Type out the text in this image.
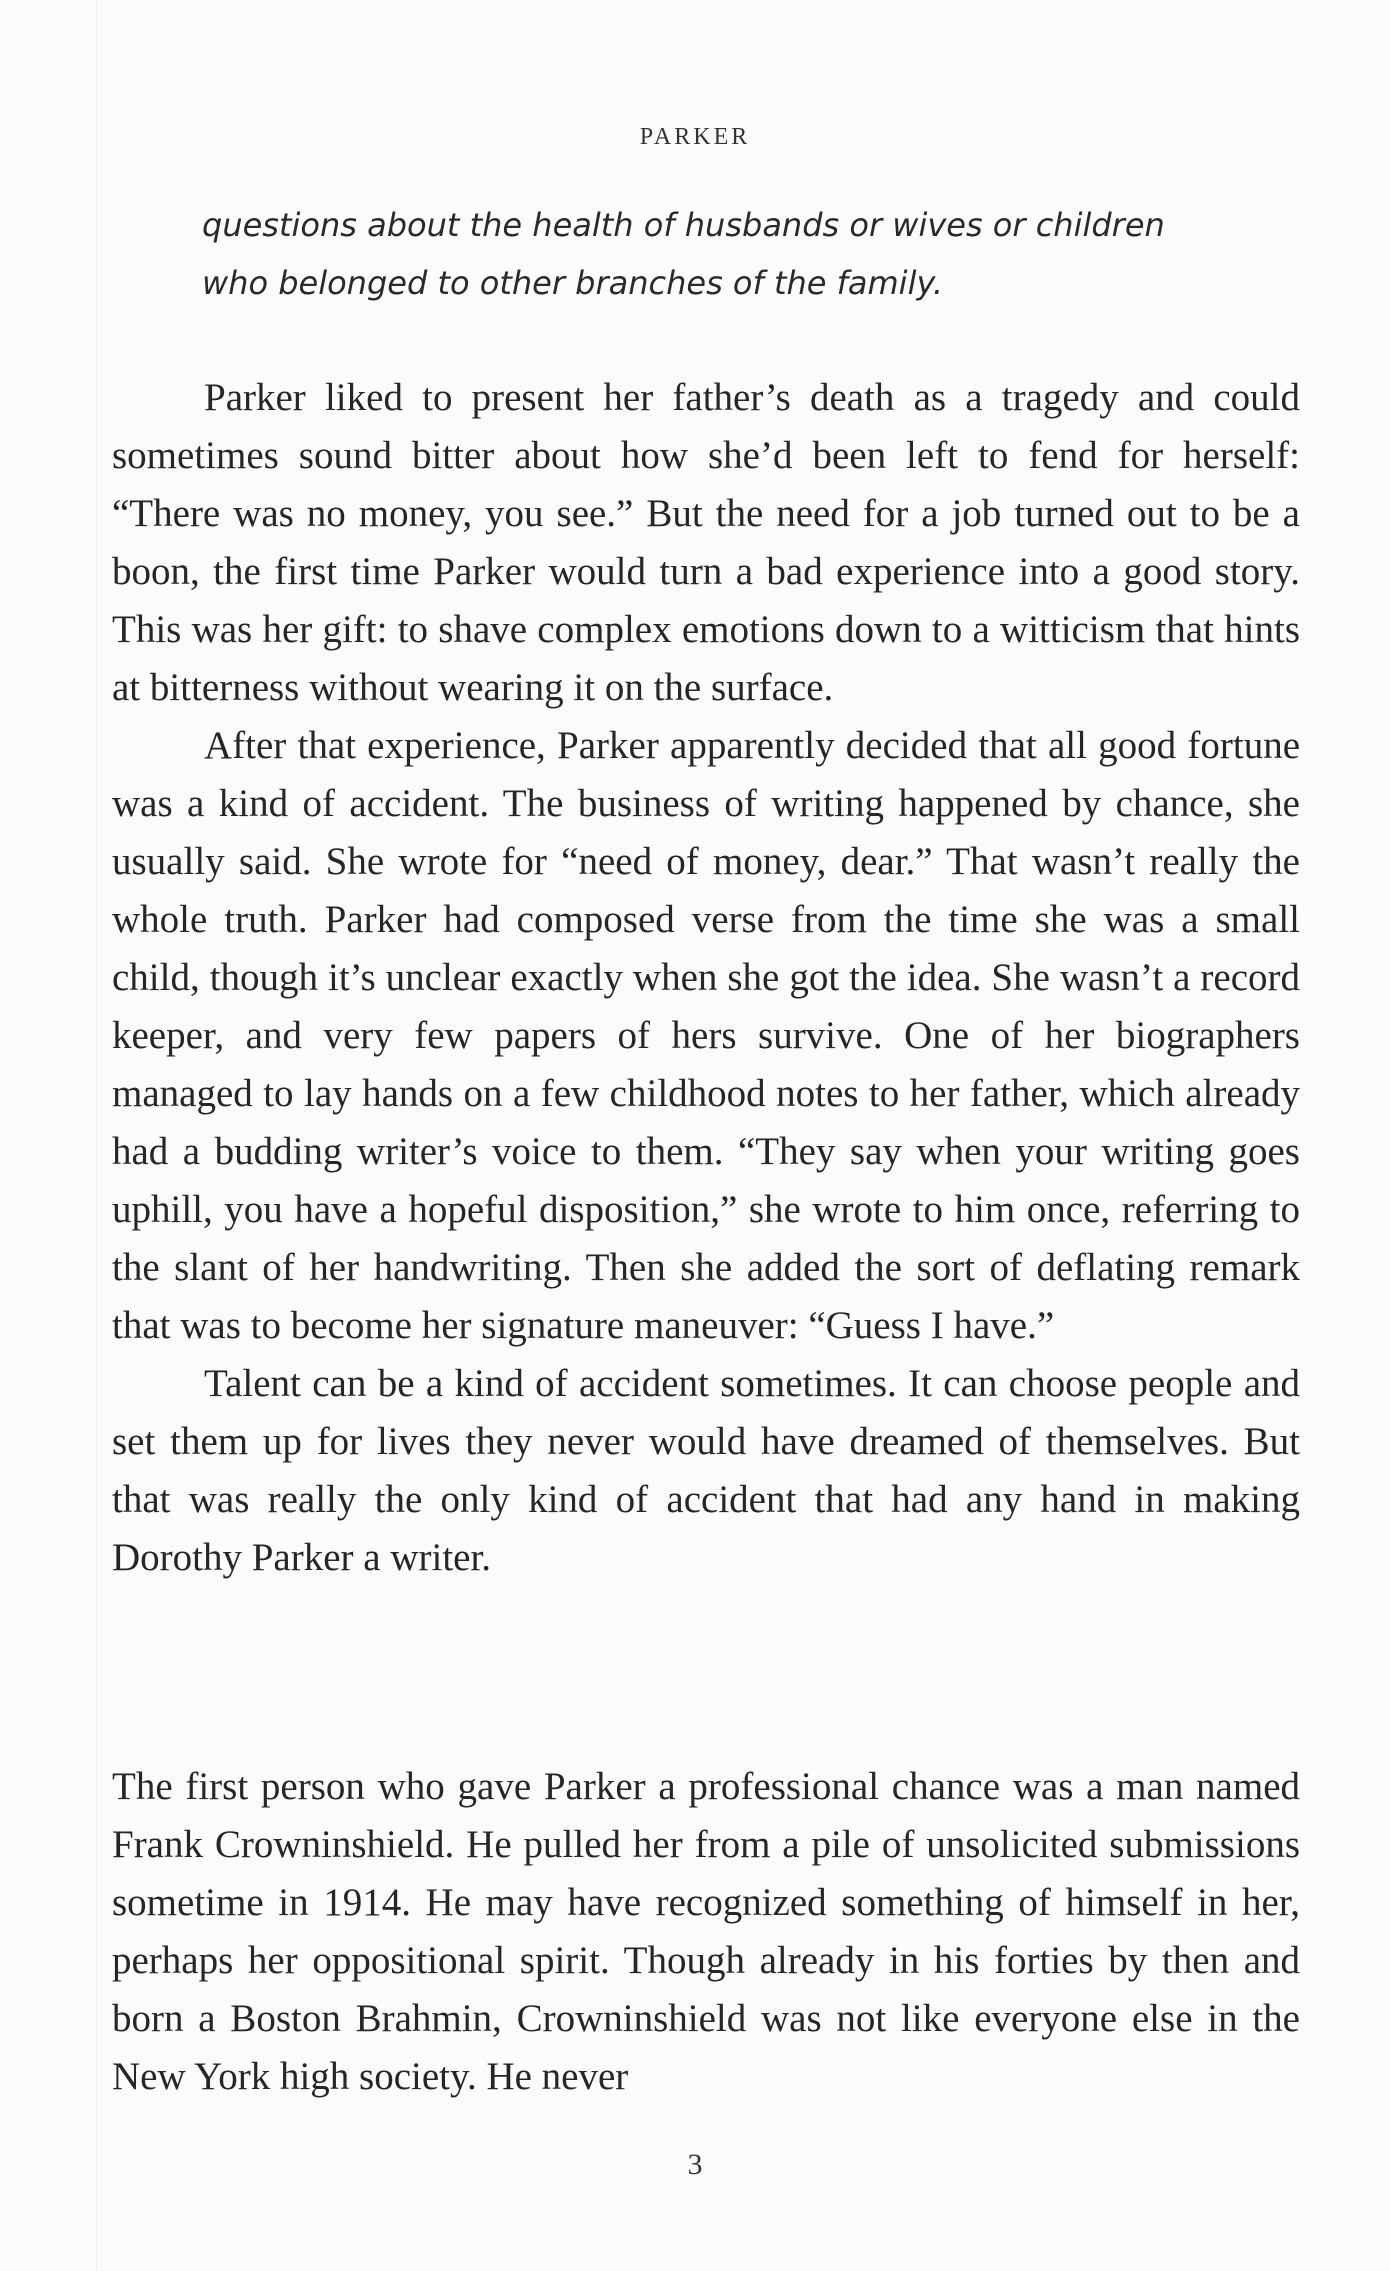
PARKER

questions about the health of husbands or wives or children who belonged to other branches of the family.

Parker liked to present her father’s death as a tragedy and could sometimes sound bitter about how she’d been left to fend for herself: “There was no money, you see.” But the need for a job turned out to be a boon, the first time Parker would turn a bad experience into a good story. This was her gift: to shave complex emotions down to a witticism that hints at bitterness without wearing it on the surface.

After that experience, Parker apparently decided that all good fortune was a kind of accident. The business of writing happened by chance, she usually said. She wrote for “need of money, dear.” That wasn’t really the whole truth. Parker had composed verse from the time she was a small child, though it’s unclear exactly when she got the idea. She wasn’t a record keeper, and very few papers of hers survive. One of her biographers managed to lay hands on a few childhood notes to her father, which already had a budding writer’s voice to them. “They say when your writing goes uphill, you have a hopeful disposition,” she wrote to him once, referring to the slant of her handwriting. Then she added the sort of deflating remark that was to become her signature maneuver: “Guess I have.”

Talent can be a kind of accident sometimes. It can choose people and set them up for lives they never would have dreamed of themselves. But that was really the only kind of accident that had any hand in making Dorothy Parker a writer.

The first person who gave Parker a professional chance was a man named Frank Crowninshield. He pulled her from a pile of unsolicited submissions sometime in 1914. He may have recognized something of himself in her, perhaps her oppositional spirit. Though already in his forties by then and born a Boston Brahmin, Crowninshield was not like everyone else in the New York high society. He never

3
